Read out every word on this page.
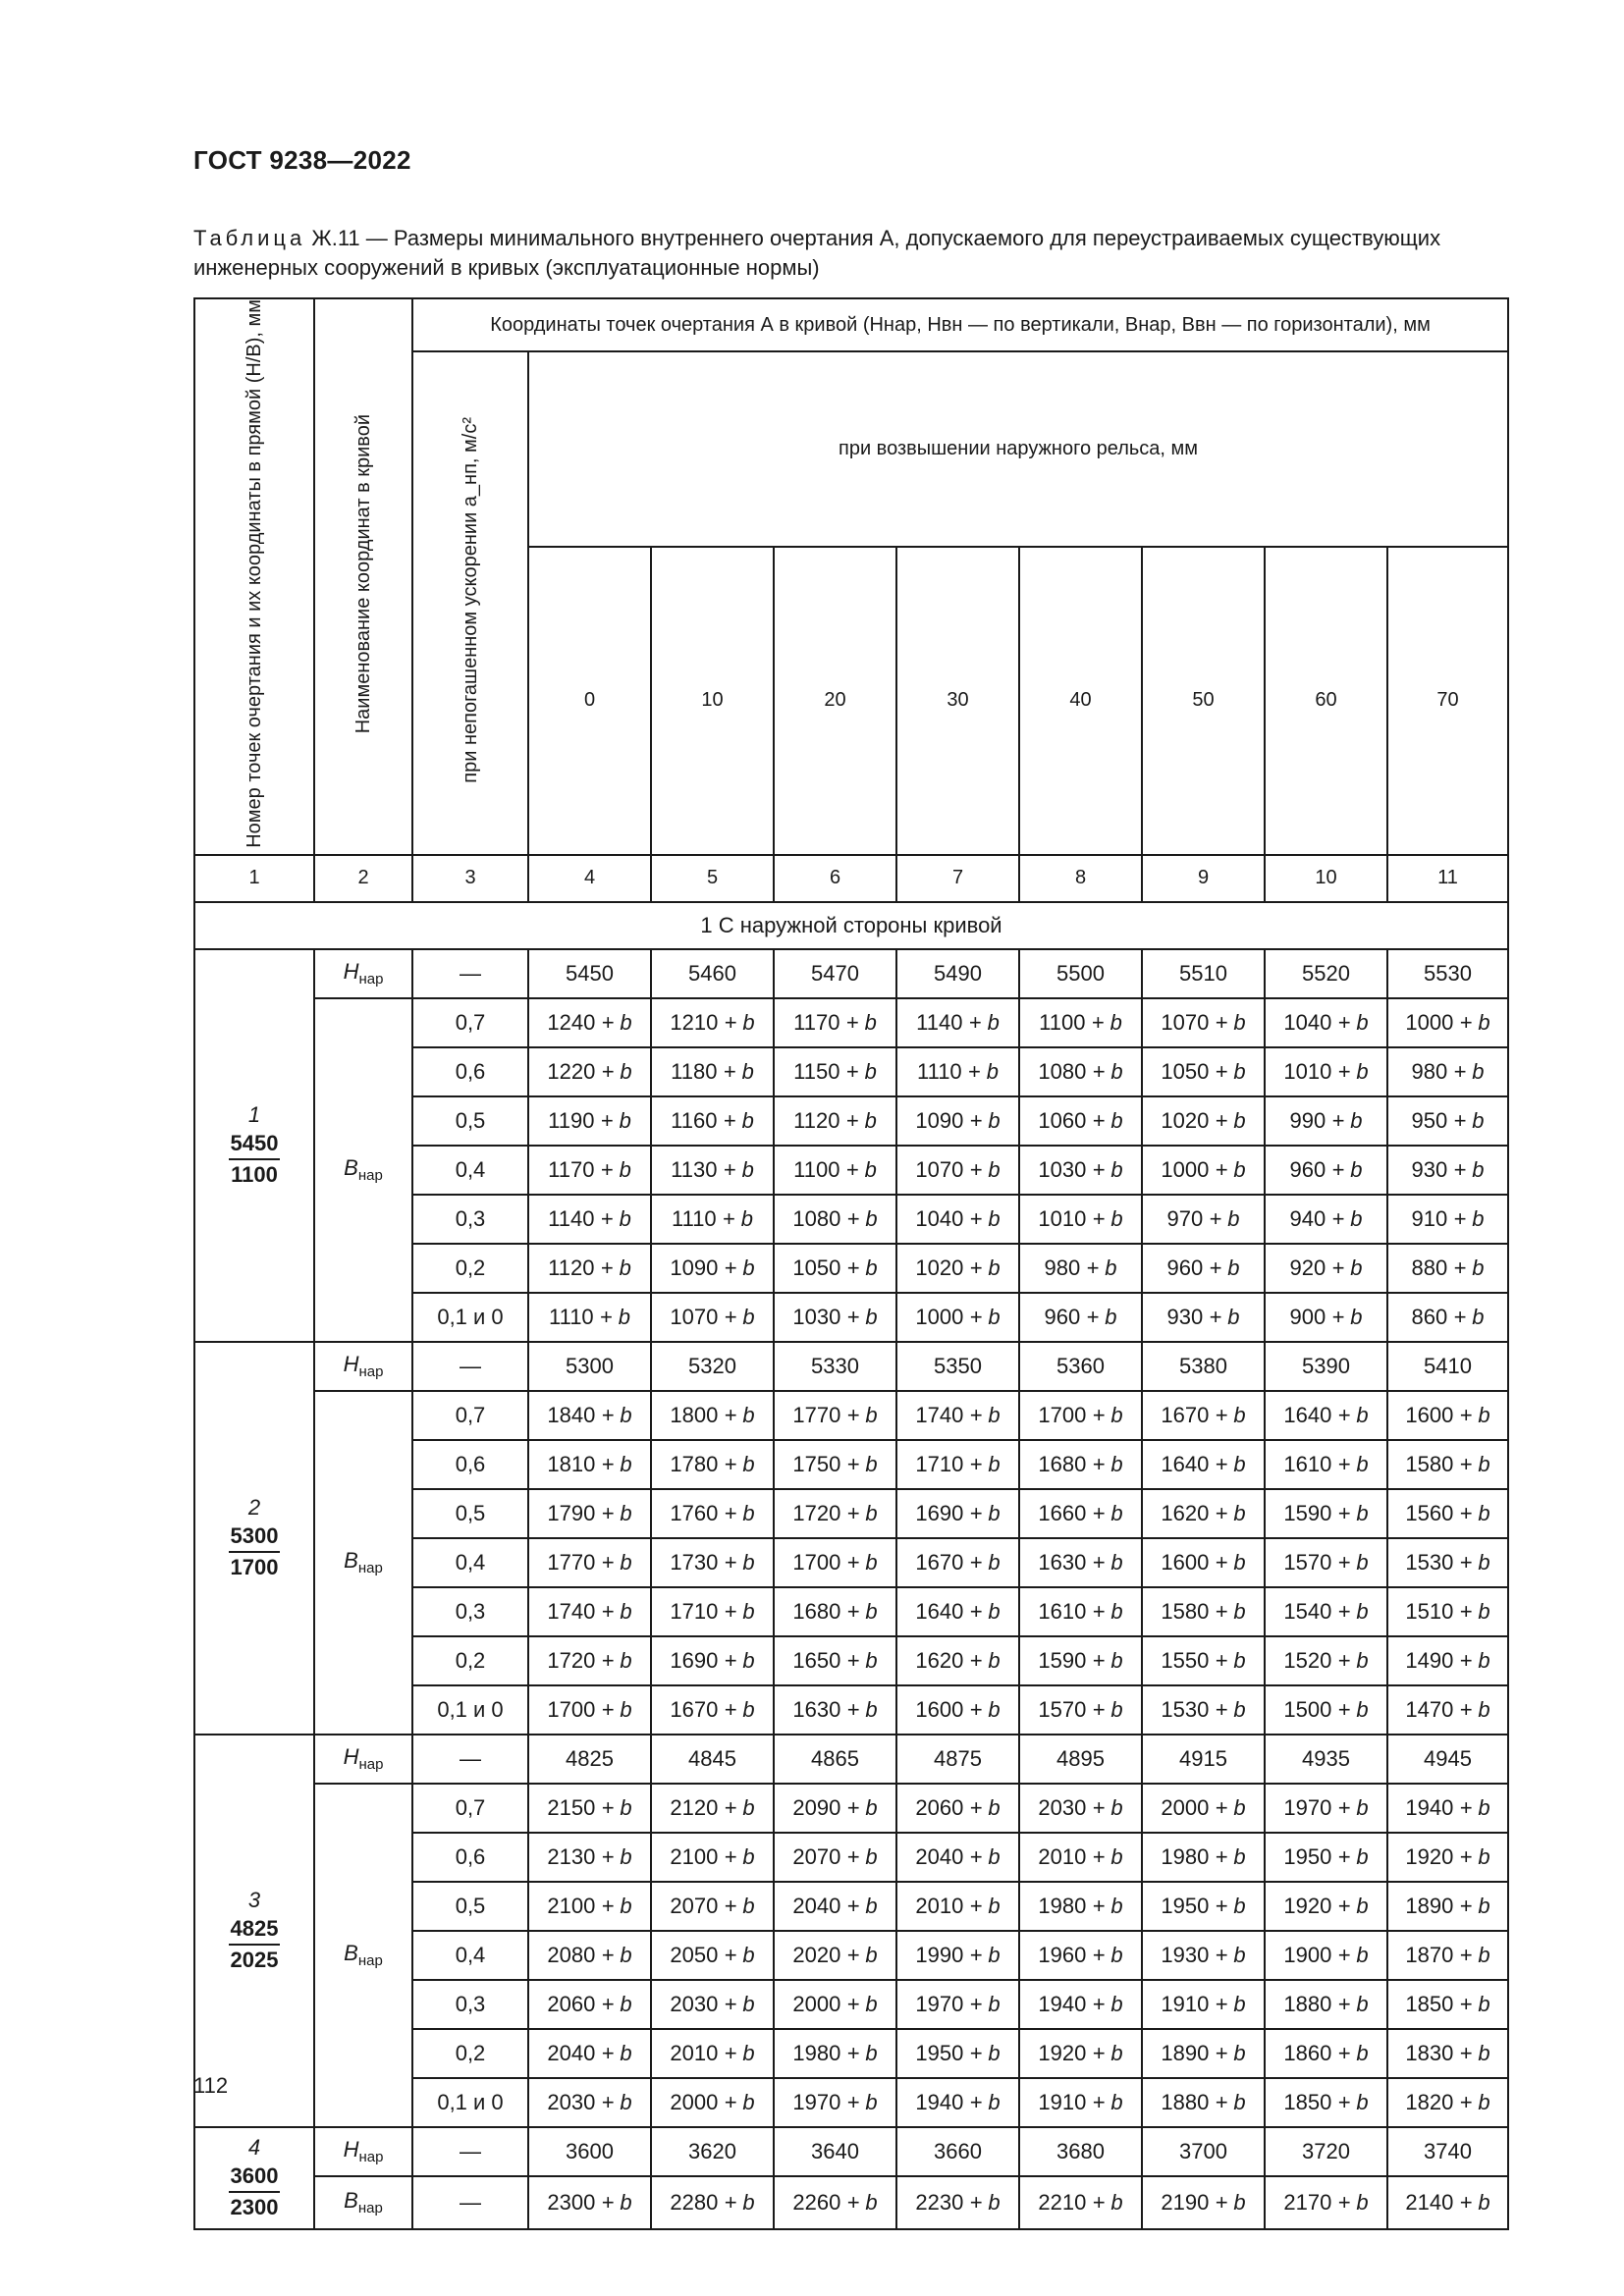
ГОСТ 9238—2022
Таблица Ж.11 — Размеры минимального внутреннего очертания А, допускаемого для переустраиваемых существующих инженерных сооружений в кривых (эксплуатационные нормы)
Номер точек очертания и их координаты в прямой (H/B), мм	Наименование координат в кривой	Координаты точек очертания А в кривой (Hнар, Hвн — по вертикали, Bнар, Bвн — по горизонтали), мм								
		при непогашенном ускорении a_нп, м/с²	при возвышении наружного рельса, мм							
			0	10	20	30	40	50	60	70
1	2	3	4	5	6	7	8	9	10	11
1 С наружной стороны кривой										

1
$\frac{5450}{1100}$	$H_{нар}$	—	5450	5460	5470	5490	5500	5510	5520	5530
	$B_{нар}$	0,7	1240 + b	1210 + b	1170 + b	1140 + b	1100 + b	1070 + b	1040 + b	1000 + b
		0,6	1220 + b	1180 + b	1150 + b	1110 + b	1080 + b	1050 + b	1010 + b	980 + b
		0,5	1190 + b	1160 + b	1120 + b	1090 + b	1060 + b	1020 + b	990 + b	950 + b
		0,4	1170 + b	1130 + b	1100 + b	1070 + b	1030 + b	1000 + b	960 + b	930 + b
		0,3	1140 + b	1110 + b	1080 + b	1040 + b	1010 + b	970 + b	940 + b	910 + b
		0,2	1120 + b	1090 + b	1050 + b	1020 + b	980 + b	960 + b	920 + b	880 + b
		0,1 и 0	1110 + b	1070 + b	1030 + b	1000 + b	960 + b	930 + b	900 + b	860 + b

2
$\frac{5300}{1700}$	$H_{нар}$	—	5300	5320	5330	5350	5360	5380	5390	5410
	$B_{нар}$	0,7	1840 + b	1800 + b	1770 + b	1740 + b	1700 + b	1670 + b	1640 + b	1600 + b
		0,6	1810 + b	1780 + b	1750 + b	1710 + b	1680 + b	1640 + b	1610 + b	1580 + b
		0,5	1790 + b	1760 + b	1720 + b	1690 + b	1660 + b	1620 + b	1590 + b	1560 + b
		0,4	1770 + b	1730 + b	1700 + b	1670 + b	1630 + b	1600 + b	1570 + b	1530 + b
		0,3	1740 + b	1710 + b	1680 + b	1640 + b	1610 + b	1580 + b	1540 + b	1510 + b
		0,2	1720 + b	1690 + b	1650 + b	1620 + b	1590 + b	1550 + b	1520 + b	1490 + b
		0,1 и 0	1700 + b	1670 + b	1630 + b	1600 + b	1570 + b	1530 + b	1500 + b	1470 + b

3
$\frac{4825}{2025}$	$H_{нар}$	—	4825	4845	4865	4875	4895	4915	4935	4945
	$B_{нар}$	0,7	2150 + b	2120 + b	2090 + b	2060 + b	2030 + b	2000 + b	1970 + b	1940 + b
		0,6	2130 + b	2100 + b	2070 + b	2040 + b	2010 + b	1980 + b	1950 + b	1920 + b
		0,5	2100 + b	2070 + b	2040 + b	2010 + b	1980 + b	1950 + b	1920 + b	1890 + b
		0,4	2080 + b	2050 + b	2020 + b	1990 + b	1960 + b	1930 + b	1900 + b	1870 + b
		0,3	2060 + b	2030 + b	2000 + b	1970 + b	1940 + b	1910 + b	1880 + b	1850 + b
		0,2	2040 + b	2010 + b	1980 + b	1950 + b	1920 + b	1890 + b	1860 + b	1830 + b
		0,1 и 0	2030 + b	2000 + b	1970 + b	1940 + b	1910 + b	1880 + b	1850 + b	1820 + b

4
$\frac{3600}{2300}$	$H_{нар}$	—	3600	3620	3640	3660	3680	3700	3720	3740
	$B_{нар}$	—	2300 + b	2280 + b	2260 + b	2230 + b	2210 + b	2190 + b	2170 + b	2140 + b
112
